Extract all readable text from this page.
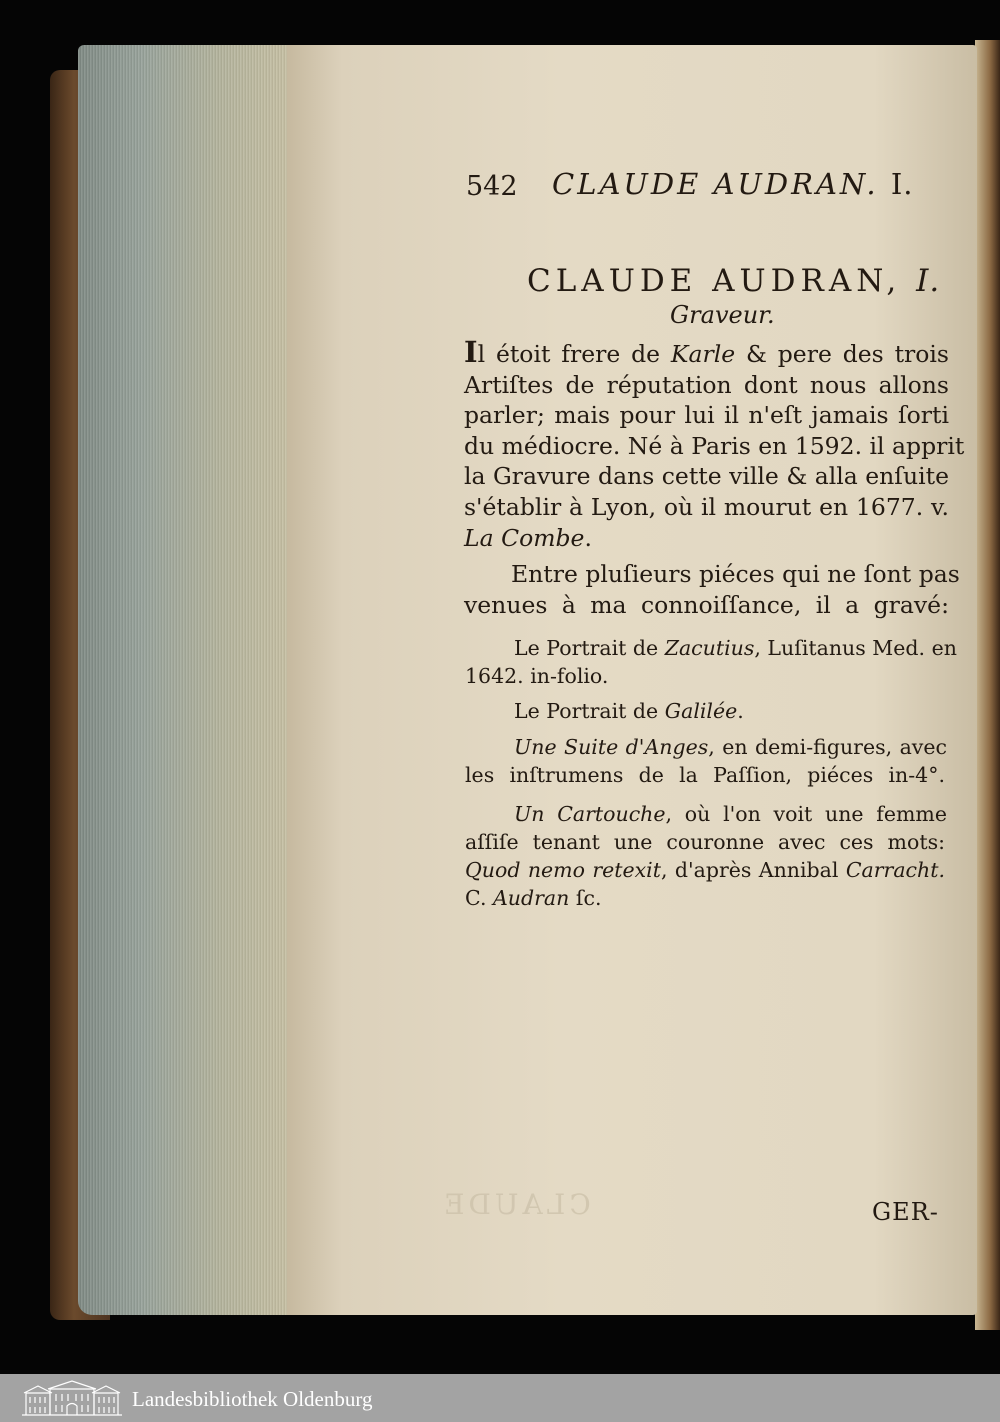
542 CLAUDE AUDRAN. I.
CLAUDE AUDRAN, I.
Graveur.
Il étoit frere de Karle & pere des trois
Artiſtes de réputation dont nous allons
parler; mais pour lui il n'eſt jamais ſorti
du médiocre. Né à Paris en 1592. il apprit
la Gravure dans cette ville & alla enſuite
s'établir à Lyon, où il mourut en 1677. v.
La Combe.
Entre pluſieurs piéces qui ne ſont pas
venues à ma connoiſſance, il a gravé:
Le Portrait de Zacutius, Luſitanus Med. en
1642. in-folio.
Le Portrait de Galilée.
Une Suite d'Anges, en demi-figures, avec
les inſtrumens de la Paſſion, piéces in-4°.
Un Cartouche, où l'on voit une femme
aſſiſe tenant une couronne avec ces mots:
Quod nemo retexit, d'après Annibal Carracht.
C. Audran ſc.
CLAUDE	GER-
Landesbibliothek Oldenburg
